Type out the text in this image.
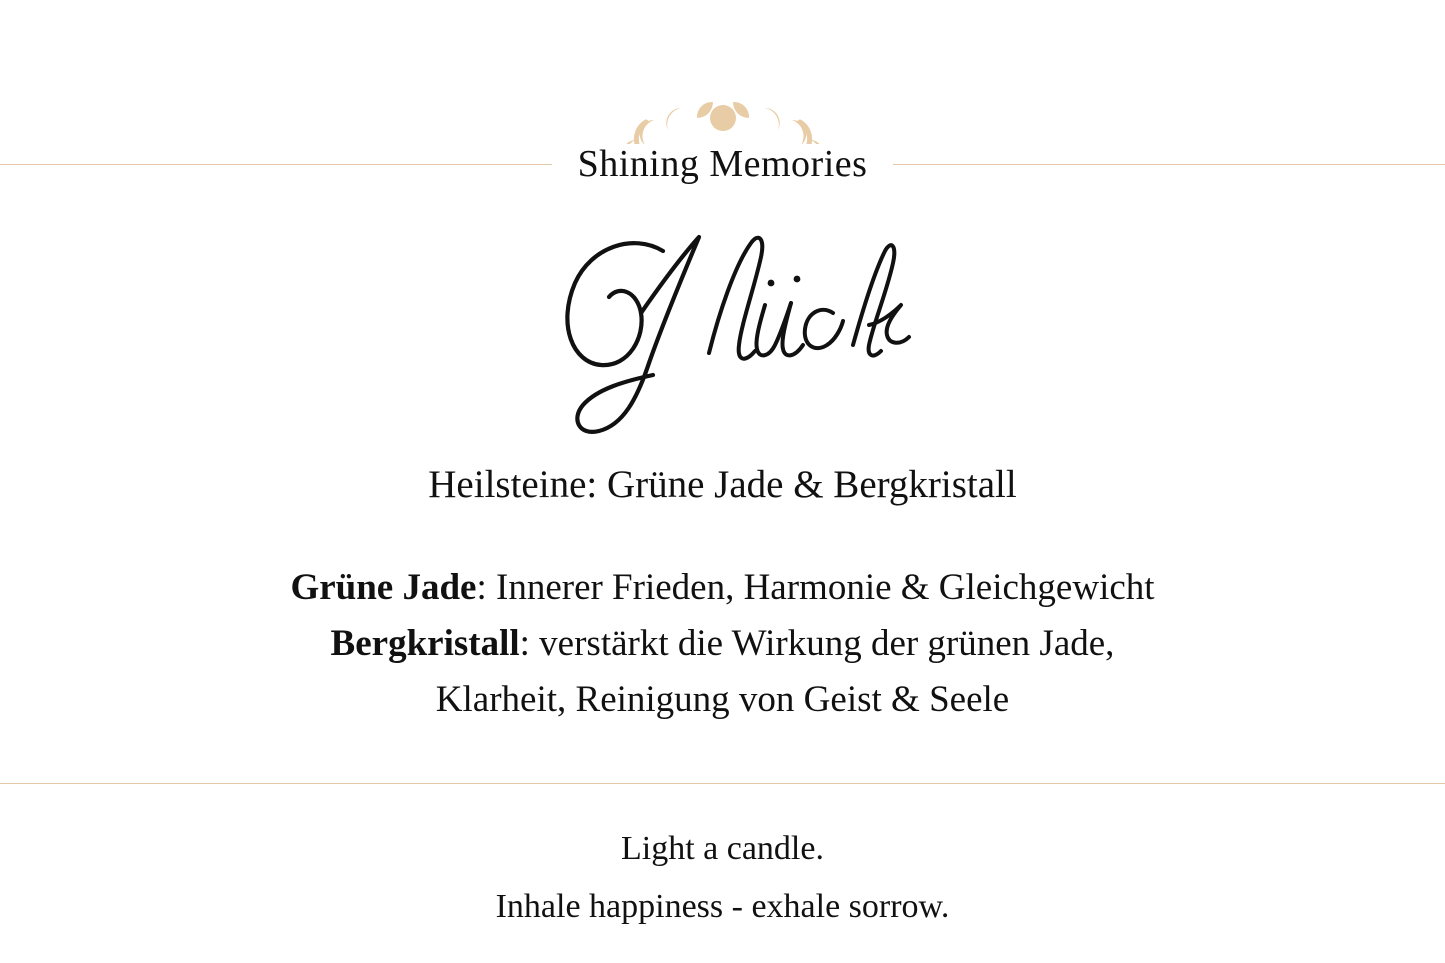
Shining Memories
Heilsteine: Grüne Jade & Bergkristall
Grüne Jade: Innerer Frieden, Harmonie & Gleichgewicht
Bergkristall: verstärkt die Wirkung der grünen Jade,
Klarheit, Reinigung von Geist & Seele
Light a candle.
Inhale happiness - exhale sorrow.
